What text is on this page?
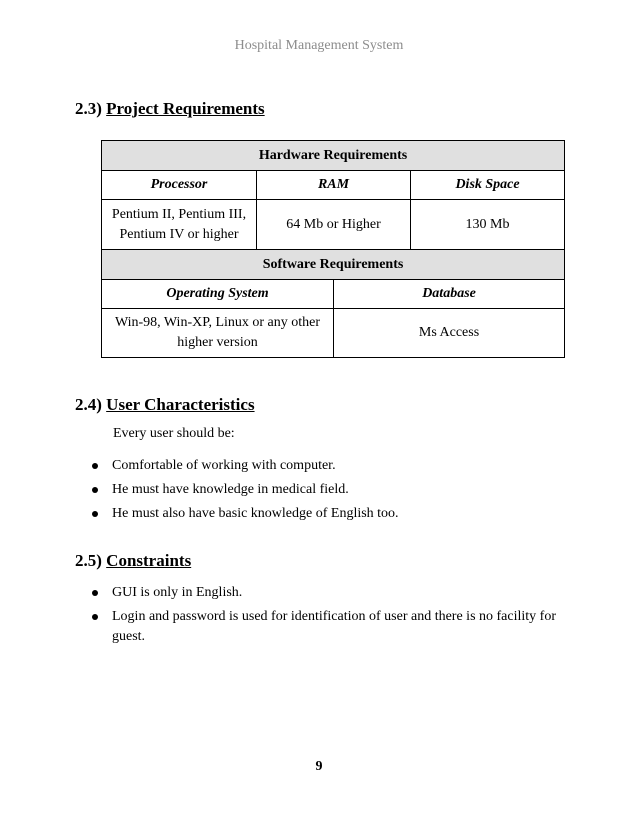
Hospital Management System
2.3) Project Requirements
Hardware Requirements			
Processor	RAM		Disk Space
Pentium II, Pentium III, Pentium IV or higher	64 Mb or Higher		130 Mb
Software Requirements			
Operating System		Database	
Win-98, Win-XP, Linux or any other higher version		Ms Access	
2.4) User Characteristics
Every user should be:
Comfortable of working with computer.
He must have knowledge in medical field.
He must also have basic knowledge of English too.
2.5) Constraints
GUI is only in English.
Login and password is used for identification of user and there is no facility for guest.
9
